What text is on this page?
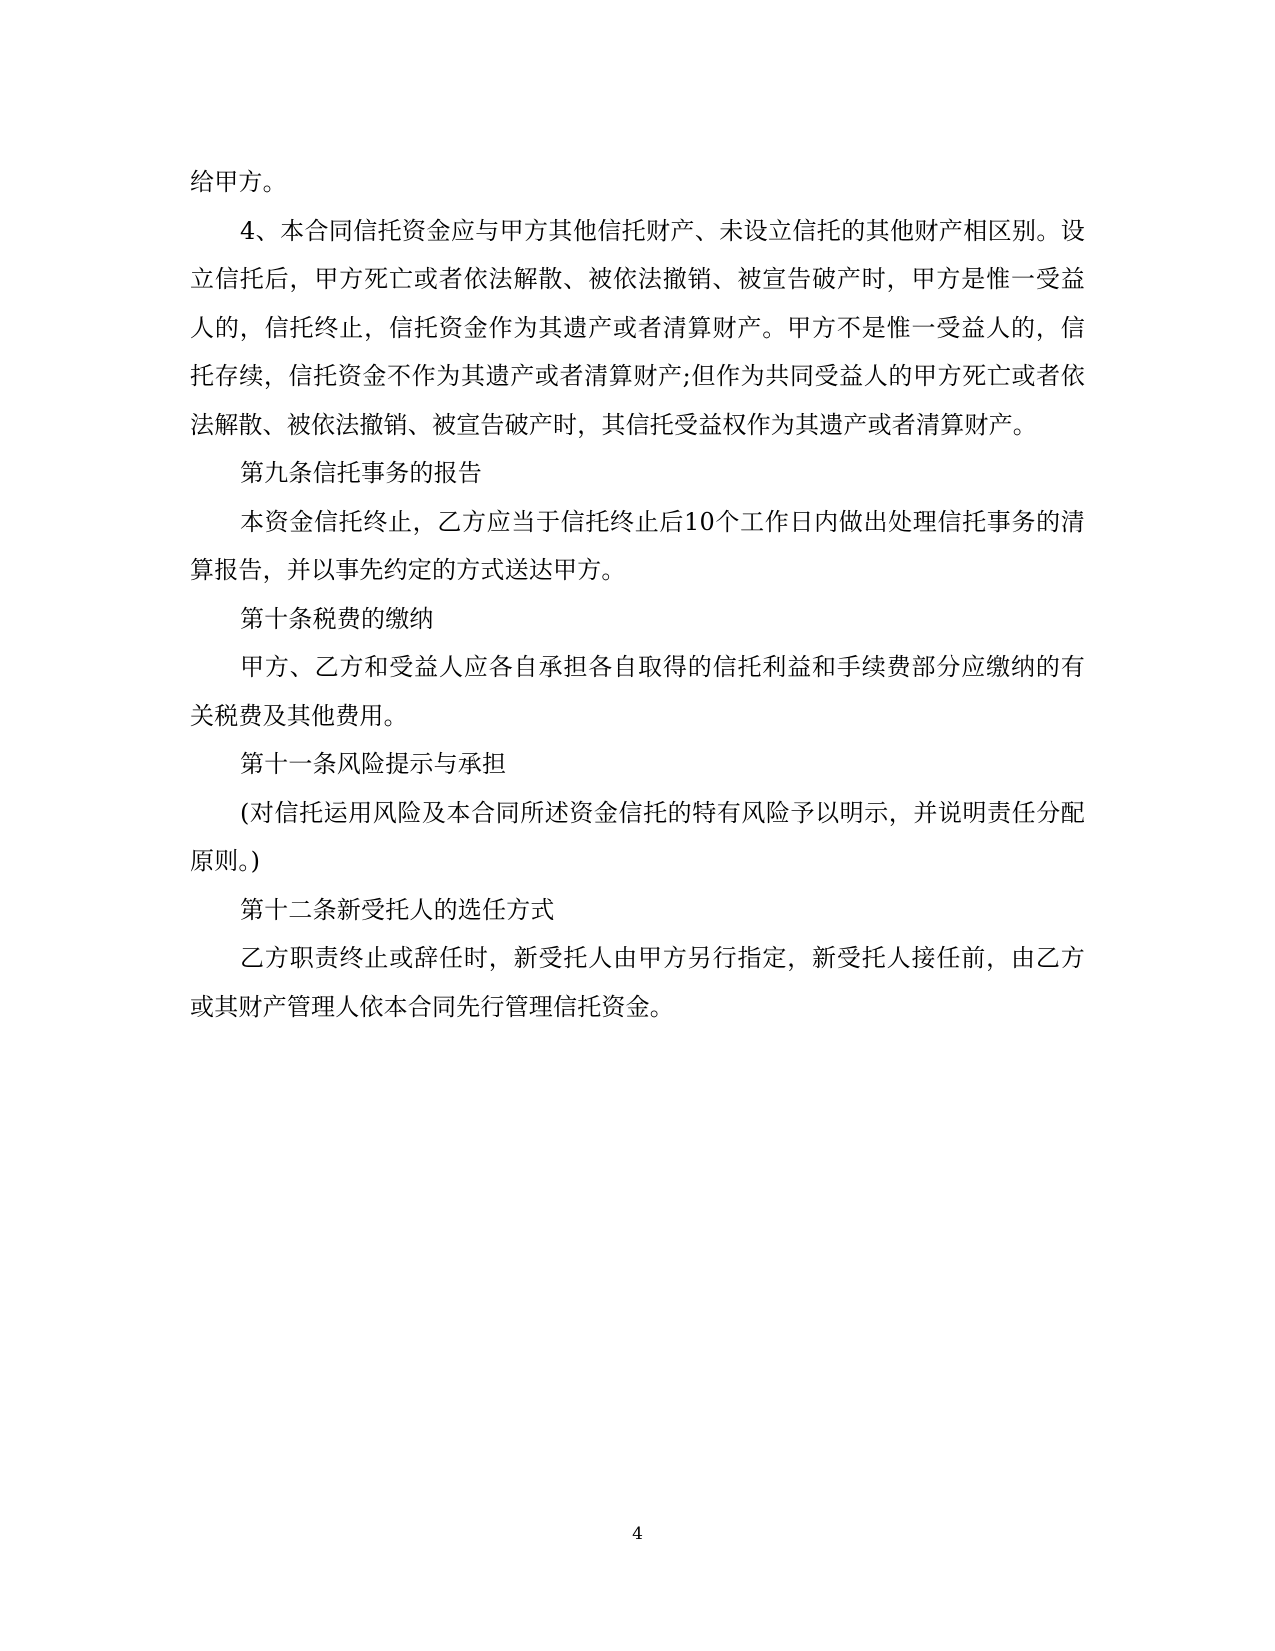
给甲方。

4、本合同信托资金应与甲方其他信托财产、未设立信托的其他财产相区别。设立信托后，甲方死亡或者依法解散、被依法撤销、被宣告破产时，甲方是惟一受益人的，信托终止，信托资金作为其遗产或者清算财产。甲方不是惟一受益人的，信托存续，信托资金不作为其遗产或者清算财产;但作为共同受益人的甲方死亡或者依法解散、被依法撤销、被宣告破产时，其信托受益权作为其遗产或者清算财产。

第九条信托事务的报告

本资金信托终止，乙方应当于信托终止后10个工作日内做出处理信托事务的清算报告，并以事先约定的方式送达甲方。

第十条税费的缴纳

甲方、乙方和受益人应各自承担各自取得的信托利益和手续费部分应缴纳的有关税费及其他费用。

第十一条风险提示与承担

(对信托运用风险及本合同所述资金信托的特有风险予以明示，并说明责任分配原则。)

第十二条新受托人的选任方式

乙方职责终止或辞任时，新受托人由甲方另行指定，新受托人接任前，由乙方或其财产管理人依本合同先行管理信托资金。

4
